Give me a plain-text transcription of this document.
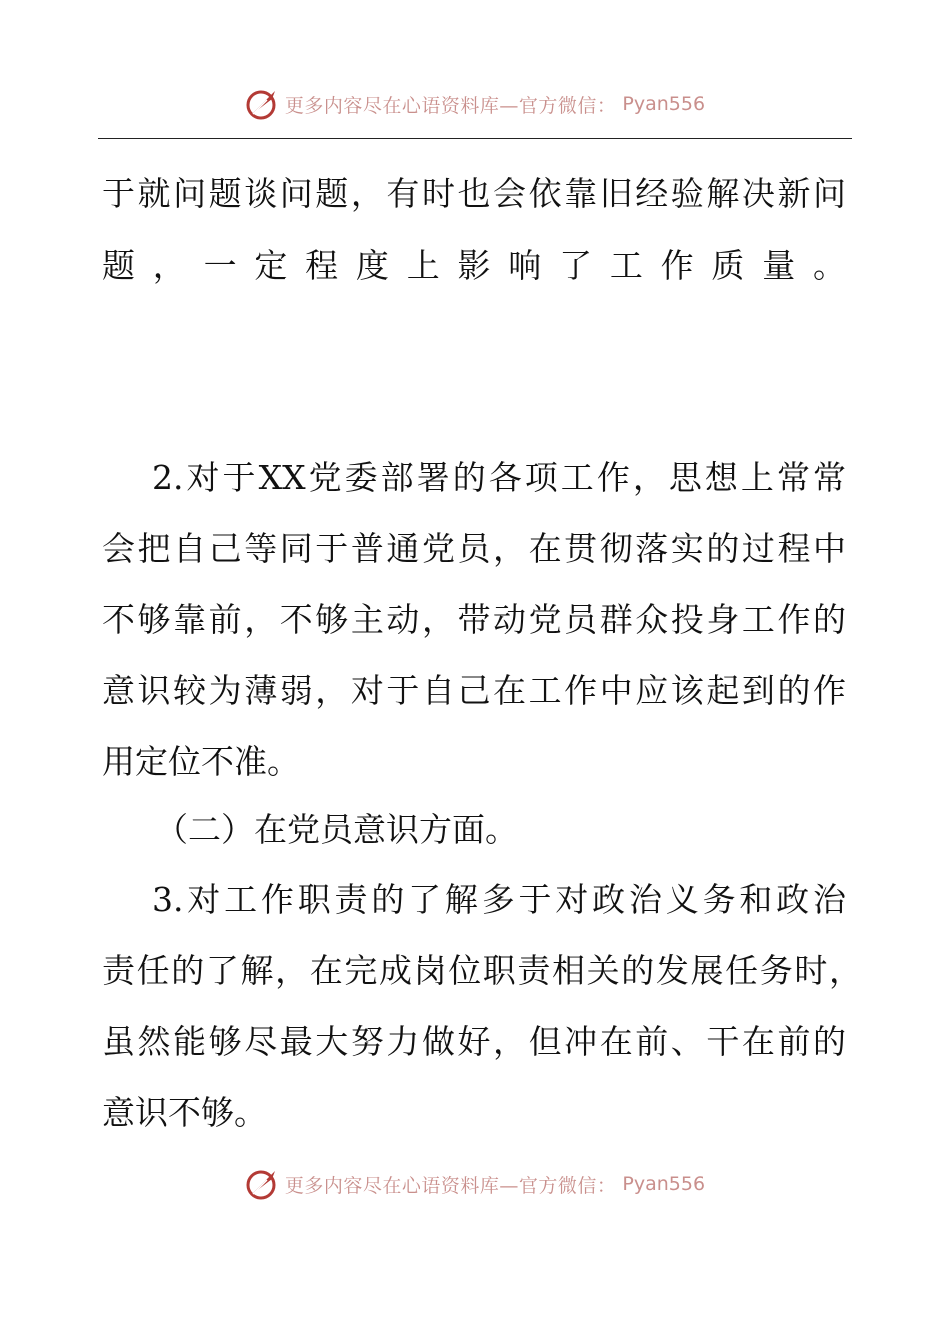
更多内容尽在心语资料库—官方微信： Pyan556
于就问题谈问题，有时也会依靠旧经验解决新问
题，一定程度上影响了工作质量。
2.对于XX党委部署的各项工作，思想上常常
会把自己等同于普通党员，在贯彻落实的过程中
不够靠前，不够主动，带动党员群众投身工作的
意识较为薄弱，对于自己在工作中应该起到的作
用定位不准。
（二）在党员意识方面。
3.对工作职责的了解多于对政治义务和政治
责任的了解，在完成岗位职责相关的发展任务时，
虽然能够尽最大努力做好，但冲在前、干在前的
意识不够。
更多内容尽在心语资料库—官方微信： Pyan556
